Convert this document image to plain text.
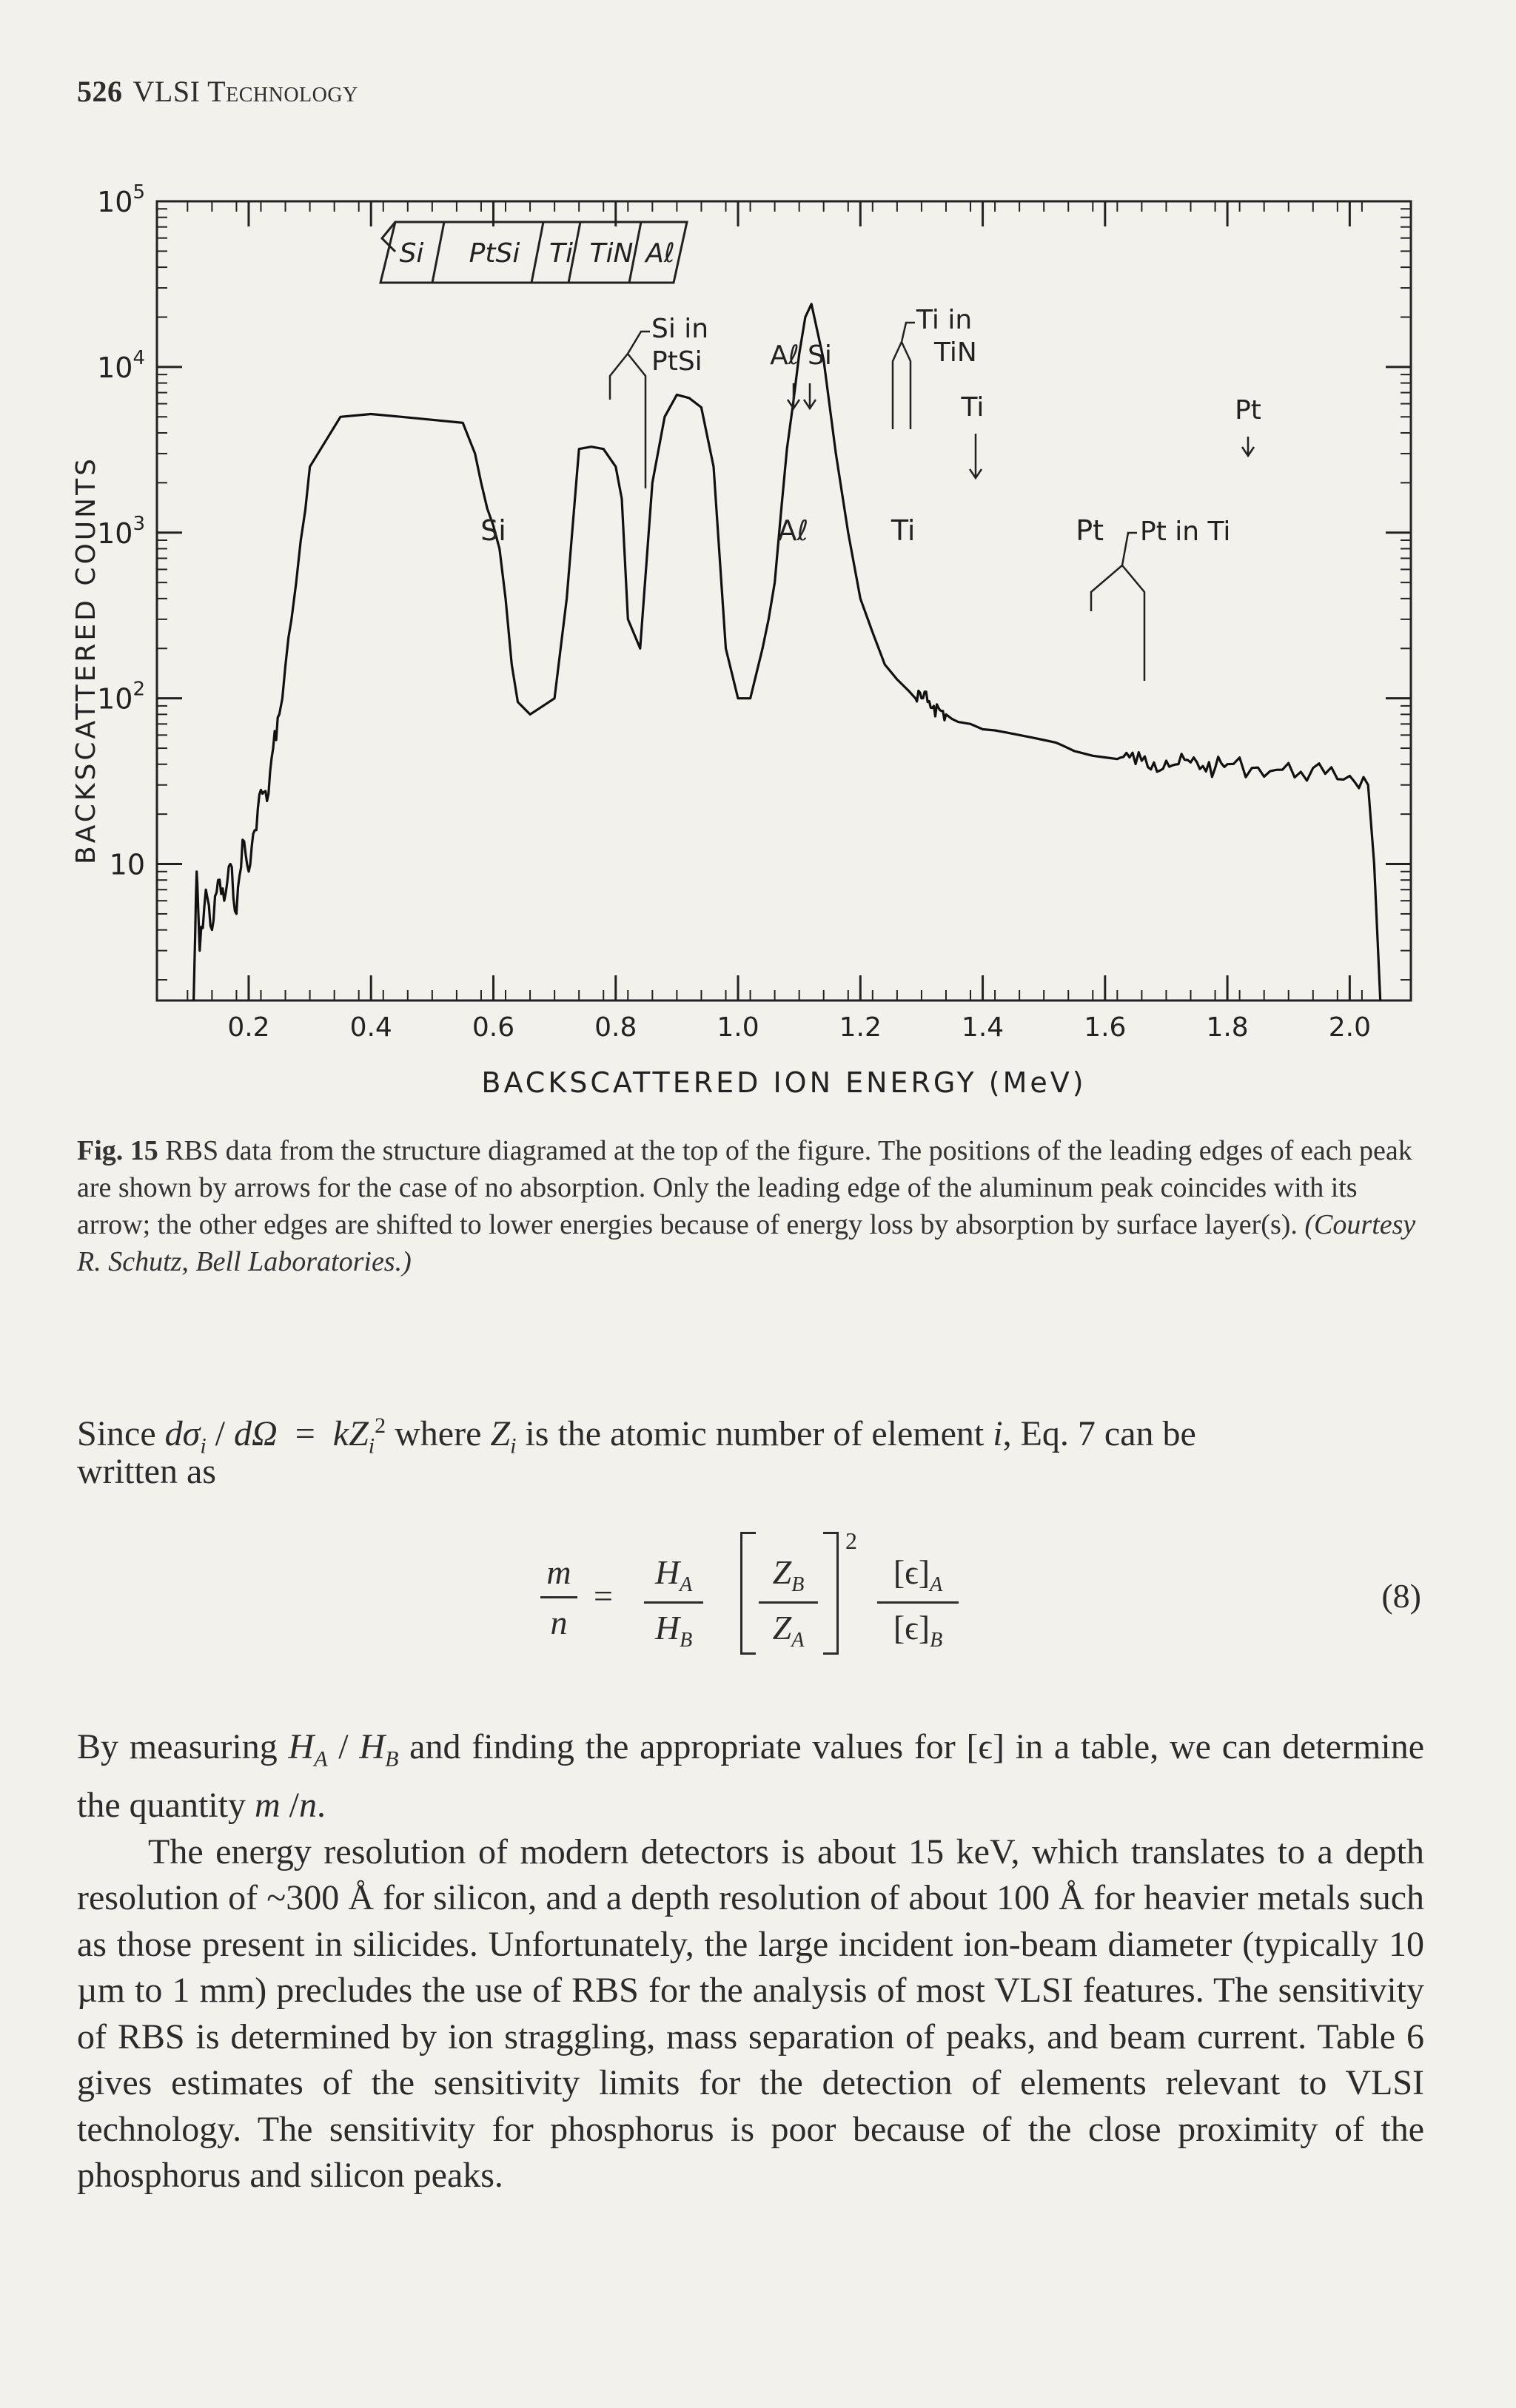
526 VLSI Technology
Si PtSi Ti TiN Aℓ
0.2	0.4	0.6	0.8	1.0	1.2	1.4	1.6	1.8	2.0
$10^5$
$10^4$
$10^3$
$10^2$
10
BACKSCATTERED ION ENERGY (MeV)
BACKSCATTERED COUNTS	Si	Aℓ	Ti	Pt
Si in
PtSi	Aℓ Si
Ti in
TiN
Ti	Pt
Pt in Ti
Fig. 15 RBS data from the structure diagramed at the top of the figure. The positions of the leading edges of each peak are shown by arrows for the case of no absorption. Only the leading edge of the aluminum peak coincides with its arrow; the other edges are shifted to lower energies because of energy loss by absorption by surface layer(s). (Courtesy R. Schutz, Bell Laboratories.)
Since $d\sigma_i / d\Omega = kZ_i^2$ where $Z_i$ is the atomic number of element i, Eq. 7 can be
written as
m
n
=
$H_A$
$H_B$
$Z_B$
$Z_A$
2
$[\epsilon]_A$
$[\epsilon]_B$
(8)

By measuring $H_A / H_B$ and finding the appropriate values for [ϵ] in a table, we can determine the quantity m /n.

The energy resolution of modern detectors is about 15 keV, which translates to a depth resolution of ~300 Å for silicon, and a depth resolution of about 100 Å for heavier metals such as those present in silicides. Unfortunately, the large incident ion-beam diameter (typically 10 µm to 1 mm) precludes the use of RBS for the analysis of most VLSI features. The sensitivity of RBS is determined by ion straggling, mass separation of peaks, and beam current. Table 6 gives estimates of the sensitivity limits for the detection of elements relevant to VLSI technology. The sensitivity for phosphorus is poor because of the close proximity of the phosphorus and silicon peaks.
